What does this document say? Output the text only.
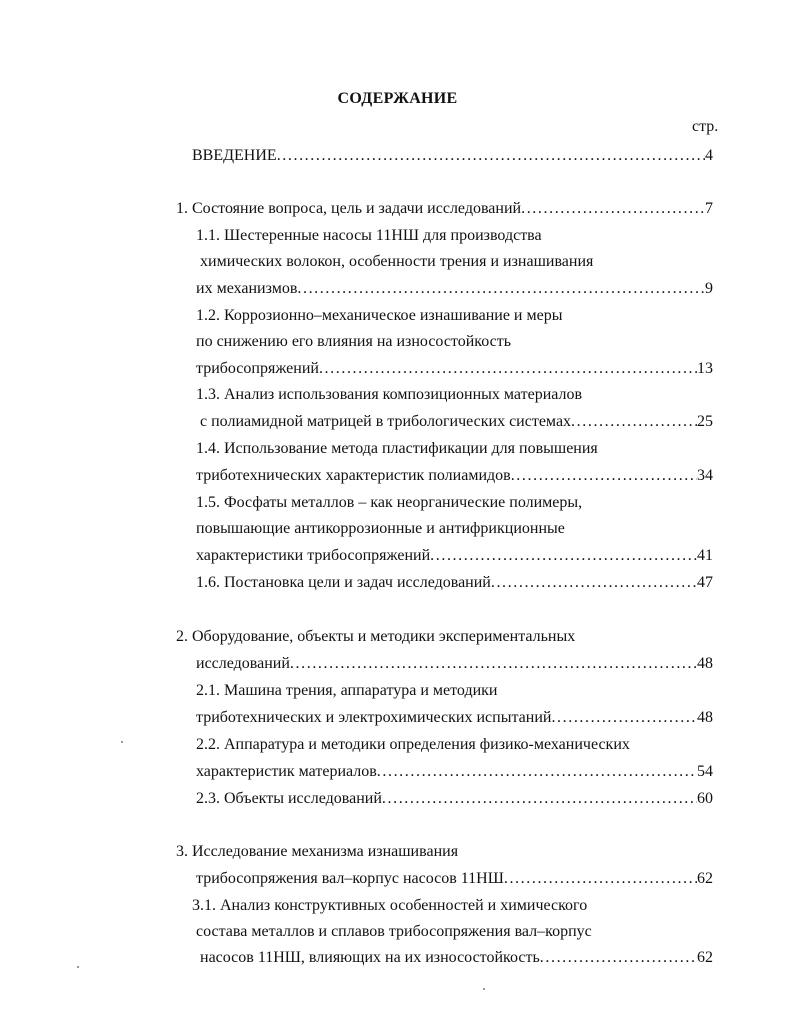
СОДЕРЖАНИЕ
стр.
ВВЕДЕНИЕ .....	4
1. Состояние вопроса, цель и задачи исследований .....	7
1.1. Шестеренные насосы 11НШ для производства
химических волокон, особенности трения и изнашивания
их механизмов .....	9
1.2. Коррозионно–механическое изнашивание и меры
по снижению его влияния на износостойкость
трибосопряжений .....	13
1.3. Анализ использования композиционных материалов
с полиамидной матрицей в трибологических системах .....	25
1.4. Использование метода пластификации для повышения
триботехнических характеристик полиамидов .....	34
1.5. Фосфаты металлов – как неорганические полимеры,
повышающие антикоррозионные и антифрикционные
характеристики трибосопряжений .....	41
1.6. Постановка цели и задач исследований .....	47
2. Оборудование, объекты и методики экспериментальных
исследований .....	48
2.1. Машина трения, аппаратура и методики
триботехнических и электрохимических испытаний .....	48
2.2. Аппаратура и методики определения физико-механических
характеристик материалов .....	54
2.3. Объекты исследований .....	60
3. Исследование механизма изнашивания
трибосопряжения вал–корпус насосов 11НШ .....	62
3.1. Анализ конструктивных особенностей и химического
состава металлов и сплавов трибосопряжения вал–корпус
насосов 11НШ, влияющих на их износостойкость .....	62
